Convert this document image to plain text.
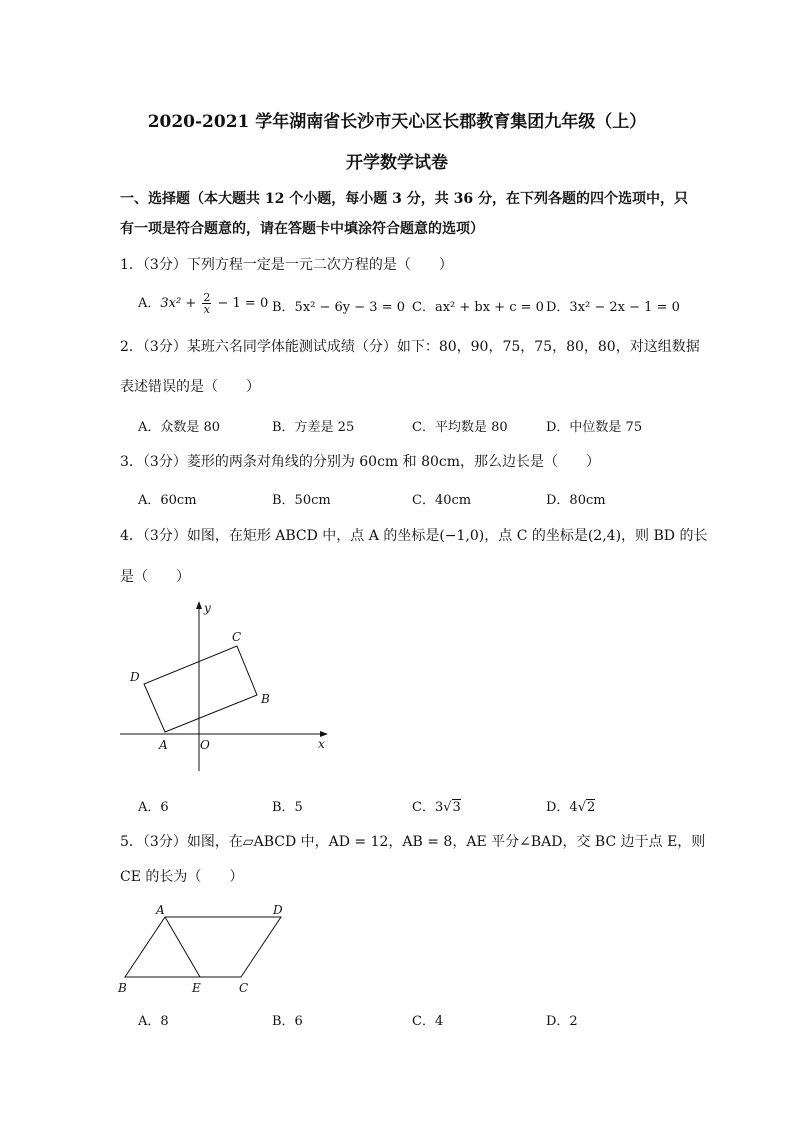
2020-2021 学年湖南省长沙市天心区长郡教育集团九年级（上）
开学数学试卷
一、选择题（本大题共 12 个小题，每小题 3 分，共 36 分，在下列各题的四个选项中，只
有一项是符合题意的，请在答题卡中填涂符合题意的选项）
1．（3分）下列方程一定是一元二次方程的是（　　）
A．$3x^2 + \frac{2}{x} - 1 = 0$ B．5x² − 6y − 3 = 0 C．ax² + bx + c = 0 D．3x² − 2x − 1 = 0
2．（3分）某班六名同学体能测试成绩（分）如下：80，90，75，75，80，80，对这组数据
表述错误的是（　　）
A．众数是 80	B．方差是 25	C．平均数是 80	D．中位数是 75
3．（3分）菱形的两条对角线的分别为 60cm 和 80cm，那么边长是（　　）
A．60cm	B．50cm	C．40cm	D．80cm
4．（3分）如图，在矩形 ABCD 中，点 A 的坐标是(−1,0)，点 C 的坐标是(2,4)，则 BD 的长
是（　　）
y
x
O
A
B
C
D
A．6	B．5	C．3√3	D．4√2
5．（3分）如图，在▱ABCD 中，AD = 12，AB = 8，AE 平分∠BAD，交 BC 边于点 E，则
CE 的长为（　　）
A	D
B	E	C
A．8	B．6	C．4	D．2
